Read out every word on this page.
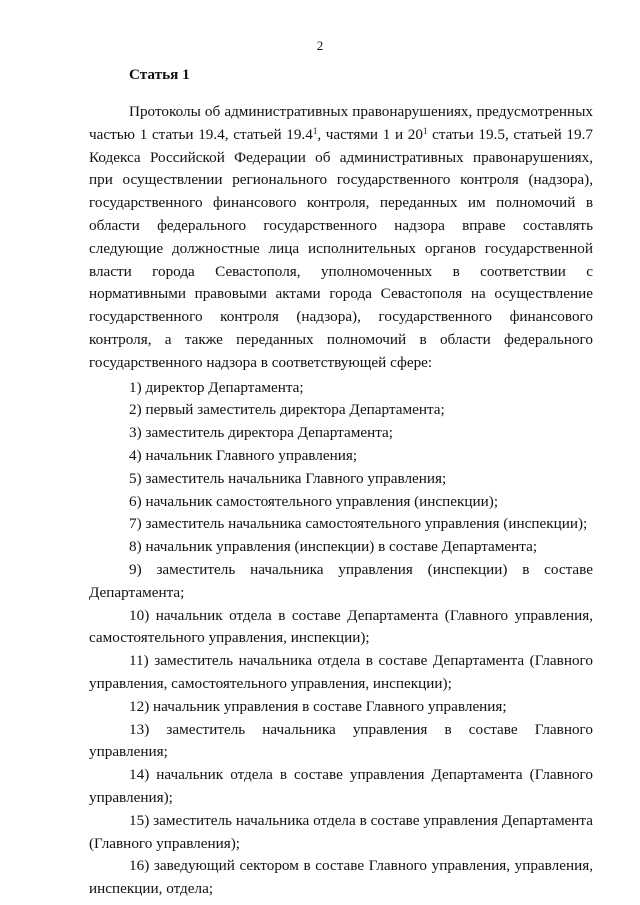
2

Статья 1

Протоколы об административных правонарушениях, предусмотренных частью 1 статьи 19.4, статьей 19.4$^1$, частями 1 и $20^1$ статьи 19.5, статьей 19.7 Кодекса Российской Федерации об административных правонарушениях, при осуществлении регионального государственного контроля (надзора), государственного финансового контроля, переданных им полномочий в области федерального государственного надзора вправе составлять следующие должностные лица исполнительных органов государственной власти города Севастополя, уполномоченных в соответствии с нормативными правовыми актами города Севастополя на осуществление государственного контроля (надзора), государственного финансового контроля, а также переданных полномочий в области федерального государственного надзора в соответствующей сфере:

1) директор Департамента;

2) первый заместитель директора Департамента;

3) заместитель директора Департамента;

4) начальник Главного управления;

5) заместитель начальника Главного управления;

6) начальник самостоятельного управления (инспекции);

7) заместитель начальника самостоятельного управления (инспекции);

8) начальник управления (инспекции) в составе Департамента;

9) заместитель начальника управления (инспекции) в составе Департамента;

10) начальник отдела в составе Департамента (Главного управления, самостоятельного управления, инспекции);

11) заместитель начальника отдела в составе Департамента (Главного управления, самостоятельного управления, инспекции);

12) начальник управления в составе Главного управления;

13) заместитель начальника управления в составе Главного управления;

14) начальник отдела в составе управления Департамента (Главного управления);

15) заместитель начальника отдела в составе управления Департамента (Главного управления);

16) заведующий сектором в составе Главного управления, управления, инспекции, отдела;
